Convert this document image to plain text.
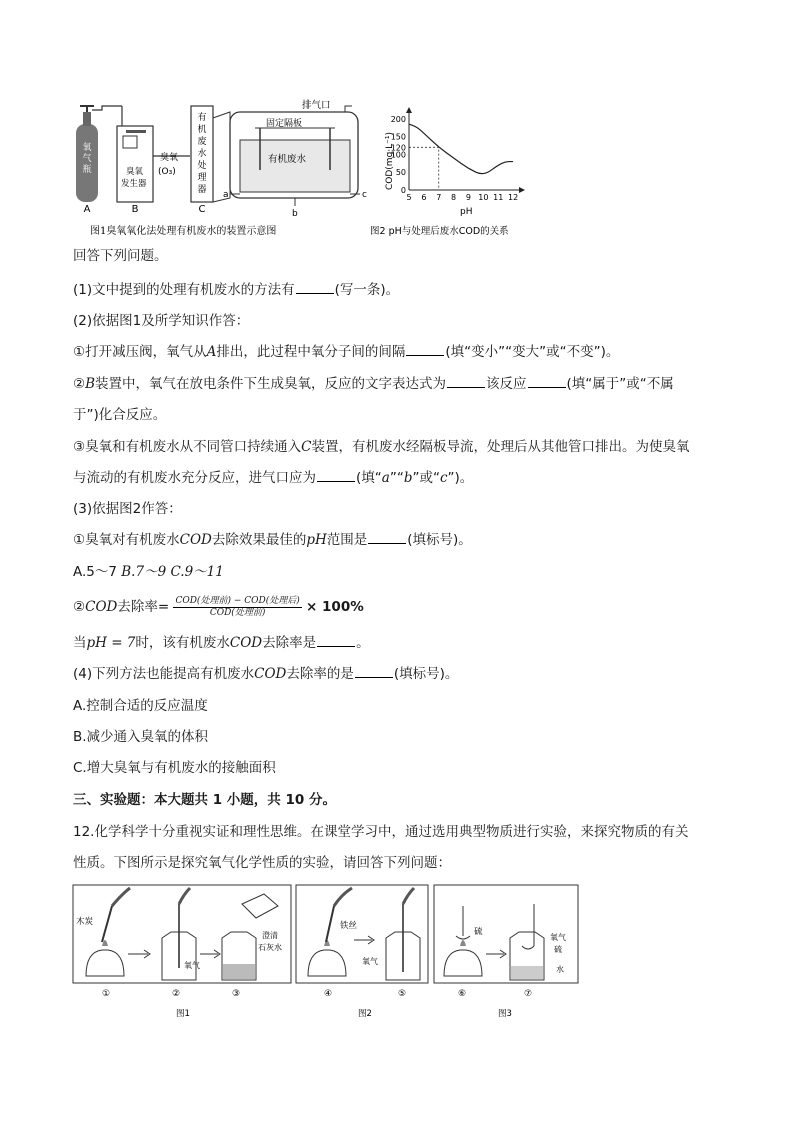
氧
气
瓶
A
臭氧
发生器
B
臭氧
(O₃)
有
机
废
水
处
理
器
C
排气口
固定隔板
有机废水
a
b
c
COD(mg·L⁻¹)
pH
5 6 7 8 9 10 11 12
0
50
100
120
150
200
图1臭氧氧化法处理有机废水的装置示意图	图2 pH与处理后废水COD的关系
回答下列问题。
(1)文中提到的处理有机废水的方法有	(写一条)。
(2)依据图1及所学知识作答：
①打开减压阀，氧气从A排出，此过程中氧分子间的间隔	(填“变小”“变大”或“不变”)。
②B装置中，氧气在放电条件下生成臭氧，反应的文字表达式为	该反应	(填“属于”或“不属
于”)化合反应。
③臭氧和有机废水从不同管口持续通入C装置，有机废水经隔板导流，处理后从其他管口排出。为使臭氧
与流动的有机废水充分反应，进气口应为	(填“a”“b”或“c”)。
(3)依据图2作答：
①臭氧对有机废水COD去除效果最佳的pH范围是	(填标号)。
A.5～7 B.7～9 C.9～11
②COD去除率= $\frac{\text{COD(处理前) − COD(处理后)}}{\text{COD(处理前)}} \times 100\%$
当pH = 7时，该有机废水COD去除率是	。
(4)下列方法也能提高有机废水COD去除率的是	(填标号)。
A.控制合适的反应温度
B.减少通入臭氧的体积
C.增大臭氧与有机废水的接触面积
三、实验题：本大题共 1 小题，共 10 分。
12.化学科学十分重视实证和理性思维。在课堂学习中，通过选用典型物质进行实验，来探究物质的有关
性质。下图所示是探究氧气化学性质的实验，请回答下列问题：
木炭
氧气
澄清
石灰水
①	②	③
图1
铁丝
氧气
④	⑤
图2
硫
氧气
硫
水
⑥	⑦
图3
